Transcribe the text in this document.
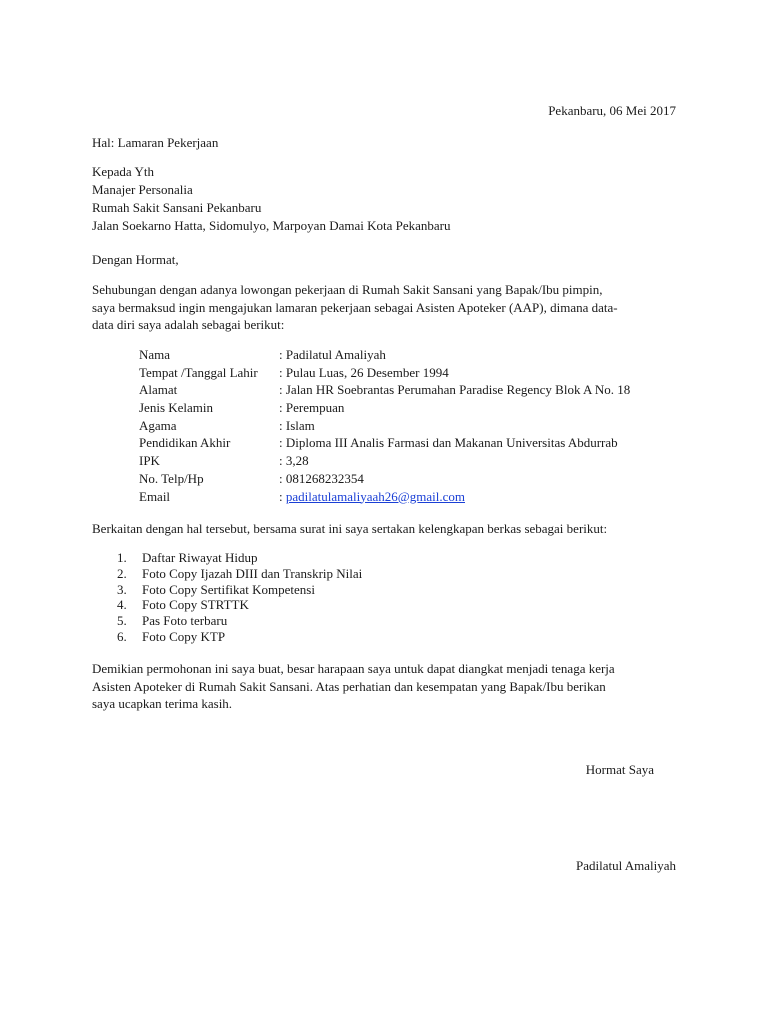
Pekanbaru, 06 Mei 2017
Hal: Lamaran Pekerjaan
Kepada Yth
Manajer Personalia
Rumah Sakit Sansani Pekanbaru
Jalan Soekarno Hatta, Sidomulyo, Marpoyan Damai Kota Pekanbaru
Dengan Hormat,
Sehubungan dengan adanya lowongan pekerjaan di Rumah Sakit Sansani yang Bapak/Ibu pimpin,
saya bermaksud ingin mengajukan lamaran pekerjaan sebagai Asisten Apoteker (AAP), dimana data-
data diri saya adalah sebagai berikut:
Nama	: Padilatul Amaliyah
Tempat /Tanggal Lahir : Pulau Luas, 26 Desember 1994
Alamat	: Jalan HR Soebrantas Perumahan Paradise Regency Blok A No. 18
Jenis Kelamin	: Perempuan
Agama	: Islam
Pendidikan Akhir	: Diploma III Analis Farmasi dan Makanan Universitas Abdurrab
IPK	: 3,28
No. Telp/Hp	: 081268232354
Email	: padilatulamaliyaah26@gmail.com
Berkaitan dengan hal tersebut, bersama surat ini saya sertakan kelengkapan berkas sebagai berikut:
1. Daftar Riwayat Hidup
2. Foto Copy Ijazah DIII dan Transkrip Nilai
3. Foto Copy Sertifikat Kompetensi
4. Foto Copy STRTTK
5. Pas Foto terbaru
6. Foto Copy KTP
Demikian permohonan ini saya buat, besar harapaan saya untuk dapat diangkat menjadi tenaga kerja
Asisten Apoteker di Rumah Sakit Sansani. Atas perhatian dan kesempatan yang Bapak/Ibu berikan
saya ucapkan terima kasih.
Hormat Saya
Padilatul Amaliyah
